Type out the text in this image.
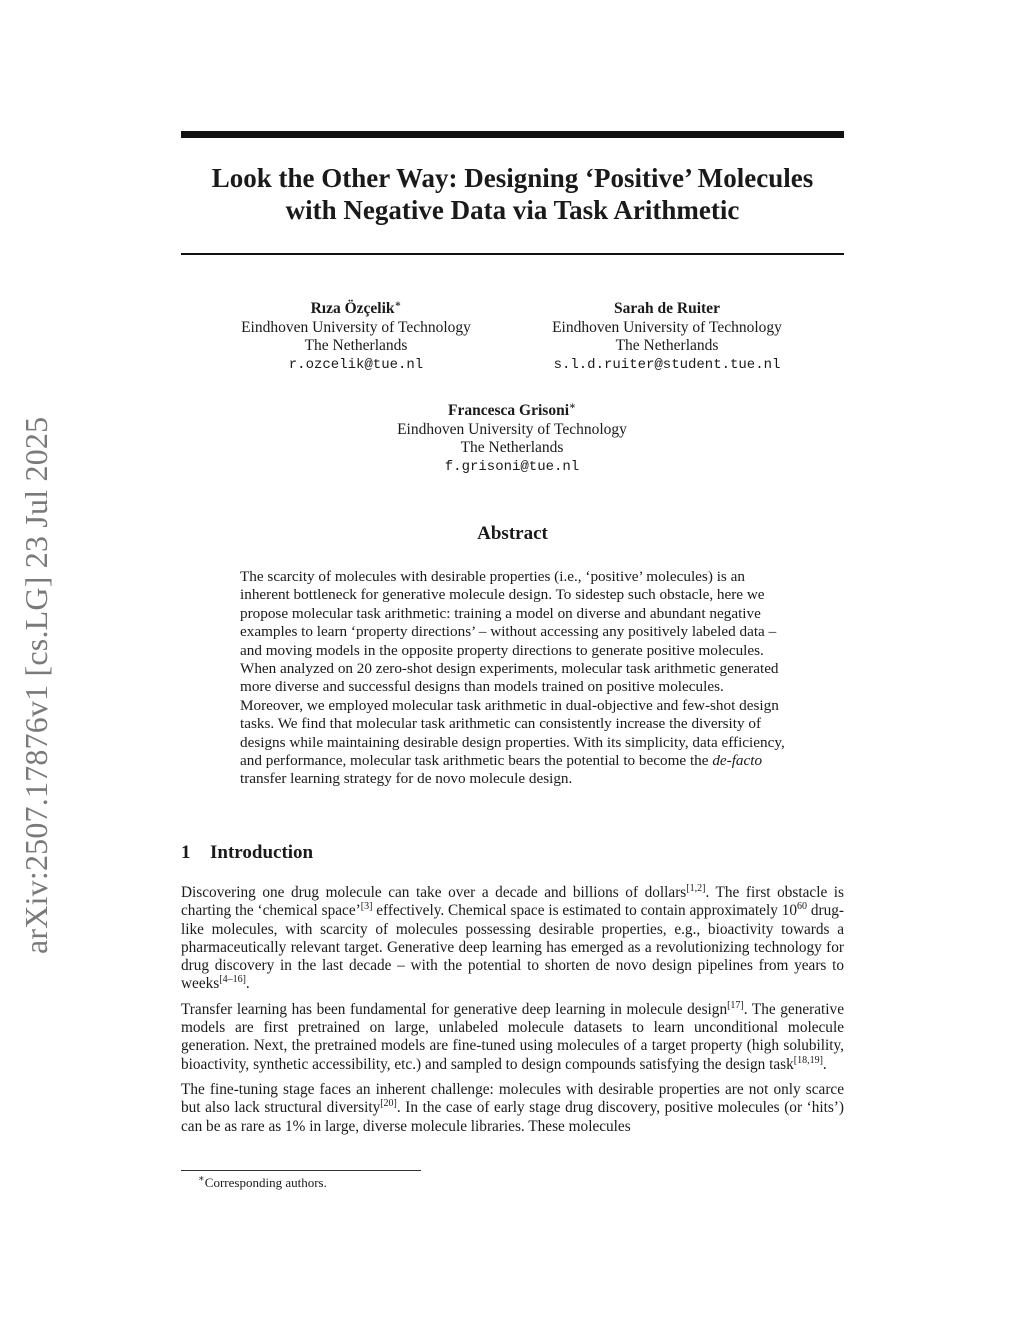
arXiv:2507.17876v1 [cs.LG] 23 Jul 2025
Look the Other Way: Designing ‘Positive’ Molecules
with Negative Data via Task Arithmetic
Rıza Özçelik∗
Eindhoven University of Technology
The Netherlands
r.ozcelik@tue.nl
Sarah de Ruiter
Eindhoven University of Technology
The Netherlands
s.l.d.ruiter@student.tue.nl
Francesca Grisoni∗
Eindhoven University of Technology
The Netherlands
f.grisoni@tue.nl
Abstract
The scarcity of molecules with desirable properties (i.e., ‘positive’ molecules) is an inherent bottleneck for generative molecule design. To sidestep such obstacle, here we propose molecular task arithmetic: training a model on diverse and abundant negative examples to learn ‘property directions’ – without accessing any positively labeled data – and moving models in the opposite property directions to generate positive molecules. When analyzed on 20 zero-shot design experiments, molecular task arithmetic generated more diverse and successful designs than models trained on positive molecules. Moreover, we employed molecular task arithmetic in dual-objective and few-shot design tasks. We find that molecular task arithmetic can consistently increase the diversity of designs while maintaining desirable design properties. With its simplicity, data efficiency, and performance, molecular task arithmetic bears the potential to become the de-facto transfer learning strategy for de novo molecule design.
1 Introduction

Discovering one drug molecule can take over a decade and billions of dollars[1,2]. The first obstacle is charting the ‘chemical space’[3] effectively. Chemical space is estimated to contain approximately $10^{60}$ drug-like molecules, with scarcity of molecules possessing desirable properties, e.g., bioactivity towards a pharmaceutically relevant target. Generative deep learning has emerged as a revolutionizing technology for drug discovery in the last decade – with the potential to shorten de novo design pipelines from years to weeks[4–16].

Transfer learning has been fundamental for generative deep learning in molecule design[17]. The generative models are first pretrained on large, unlabeled molecule datasets to learn unconditional molecule generation. Next, the pretrained models are fine-tuned using molecules of a target property (high solubility, bioactivity, synthetic accessibility, etc.) and sampled to design compounds satisfying the design task[18,19].

The fine-tuning stage faces an inherent challenge: molecules with desirable properties are not only scarce but also lack structural diversity[20]. In the case of early stage drug discovery, positive molecules (or ‘hits’) can be as rare as 1% in large, diverse molecule libraries. These molecules

∗Corresponding authors.
